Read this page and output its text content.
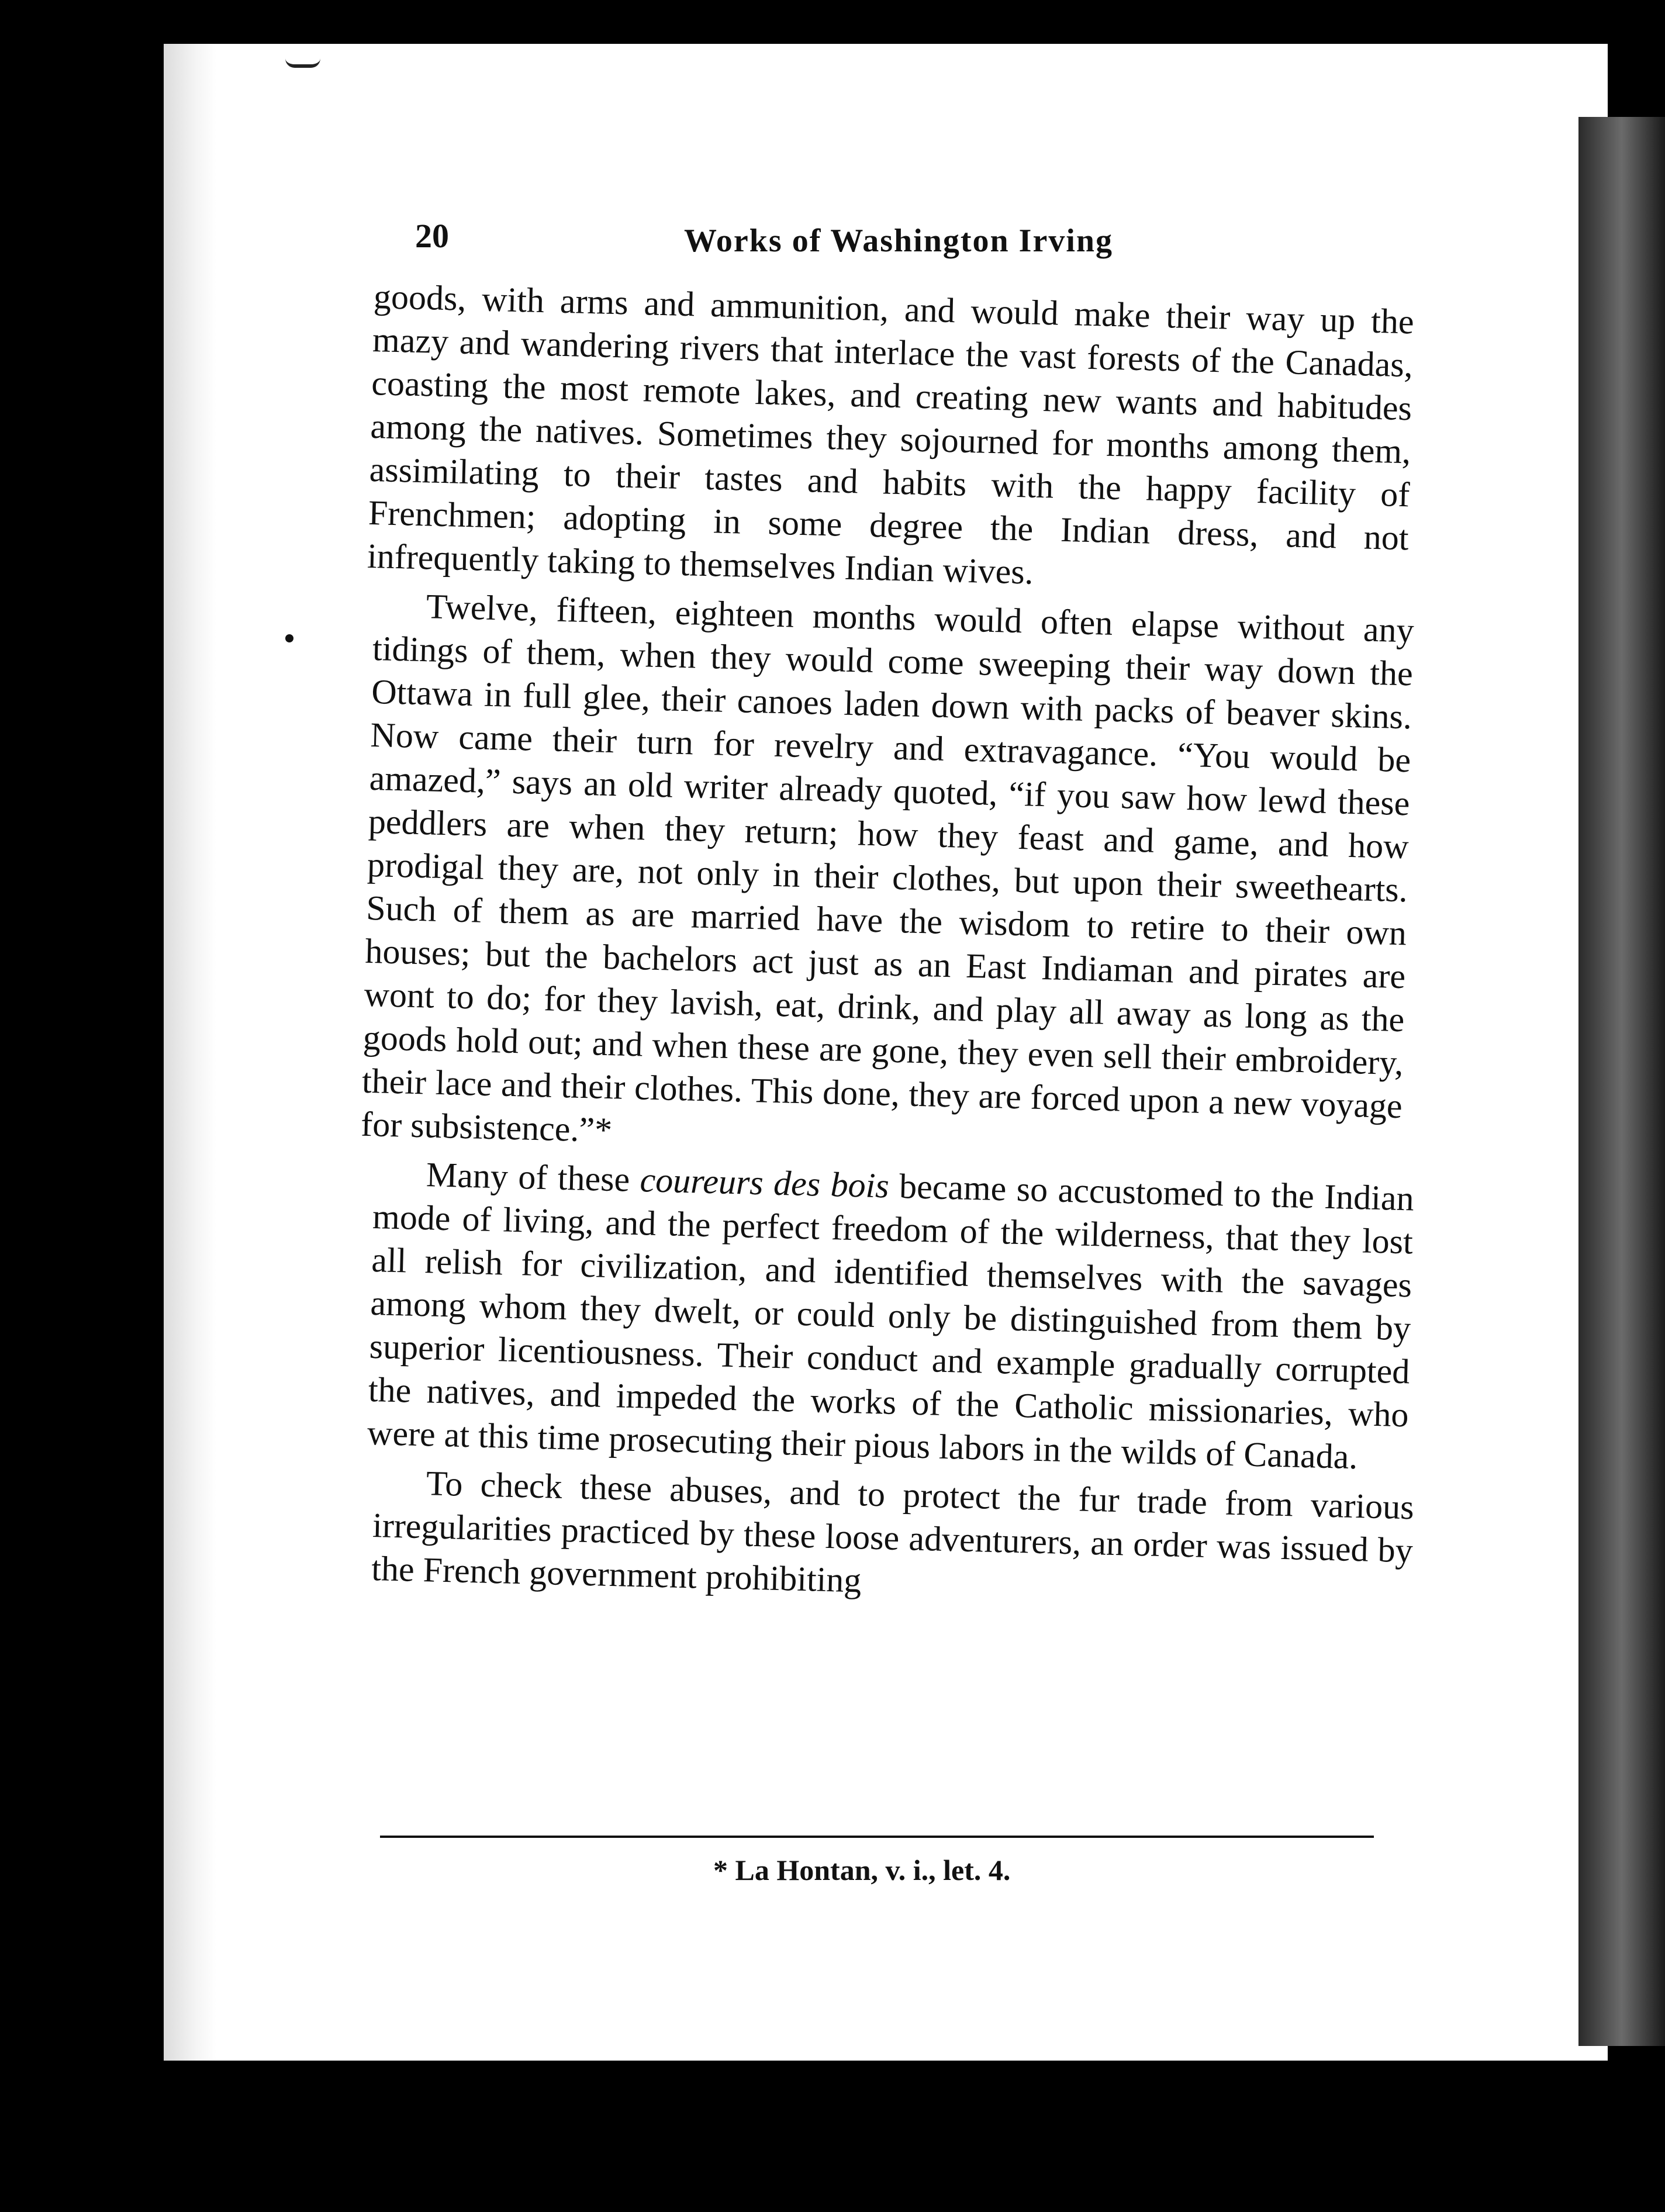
20	Works of Washington Irving

goods, with arms and ammunition, and would make their way up the mazy and wandering rivers that interlace the vast forests of the Canadas, coasting the most remote lakes, and creating new wants and habitudes among the natives. Sometimes they sojourned for months among them, assimilating to their tastes and habits with the happy facility of Frenchmen; adopting in some degree the Indian dress, and not infrequently taking to themselves Indian wives.

Twelve, fifteen, eighteen months would often elapse without any tidings of them, when they would come sweeping their way down the Ottawa in full glee, their canoes laden down with packs of beaver skins. Now came their turn for revelry and extravagance. “You would be amazed,” says an old writer already quoted, “if you saw how lewd these peddlers are when they return; how they feast and game, and how prodigal they are, not only in their clothes, but upon their sweethearts. Such of them as are married have the wisdom to retire to their own houses; but the bachelors act just as an East Indiaman and pirates are wont to do; for they lavish, eat, drink, and play all away as long as the goods hold out; and when these are gone, they even sell their embroidery, their lace and their clothes. This done, they are forced upon a new voyage for subsistence.”*

Many of these coureurs des bois became so accustomed to the Indian mode of living, and the perfect freedom of the wilderness, that they lost all relish for civilization, and identified themselves with the savages among whom they dwelt, or could only be distinguished from them by superior licentiousness. Their conduct and example gradually corrupted the natives, and impeded the works of the Catholic missionaries, who were at this time prosecuting their pious labors in the wilds of Canada.

To check these abuses, and to protect the fur trade from various irregularities practiced by these loose adventurers, an order was issued by the French government prohibiting

* La Hontan, v. i., let. 4.
